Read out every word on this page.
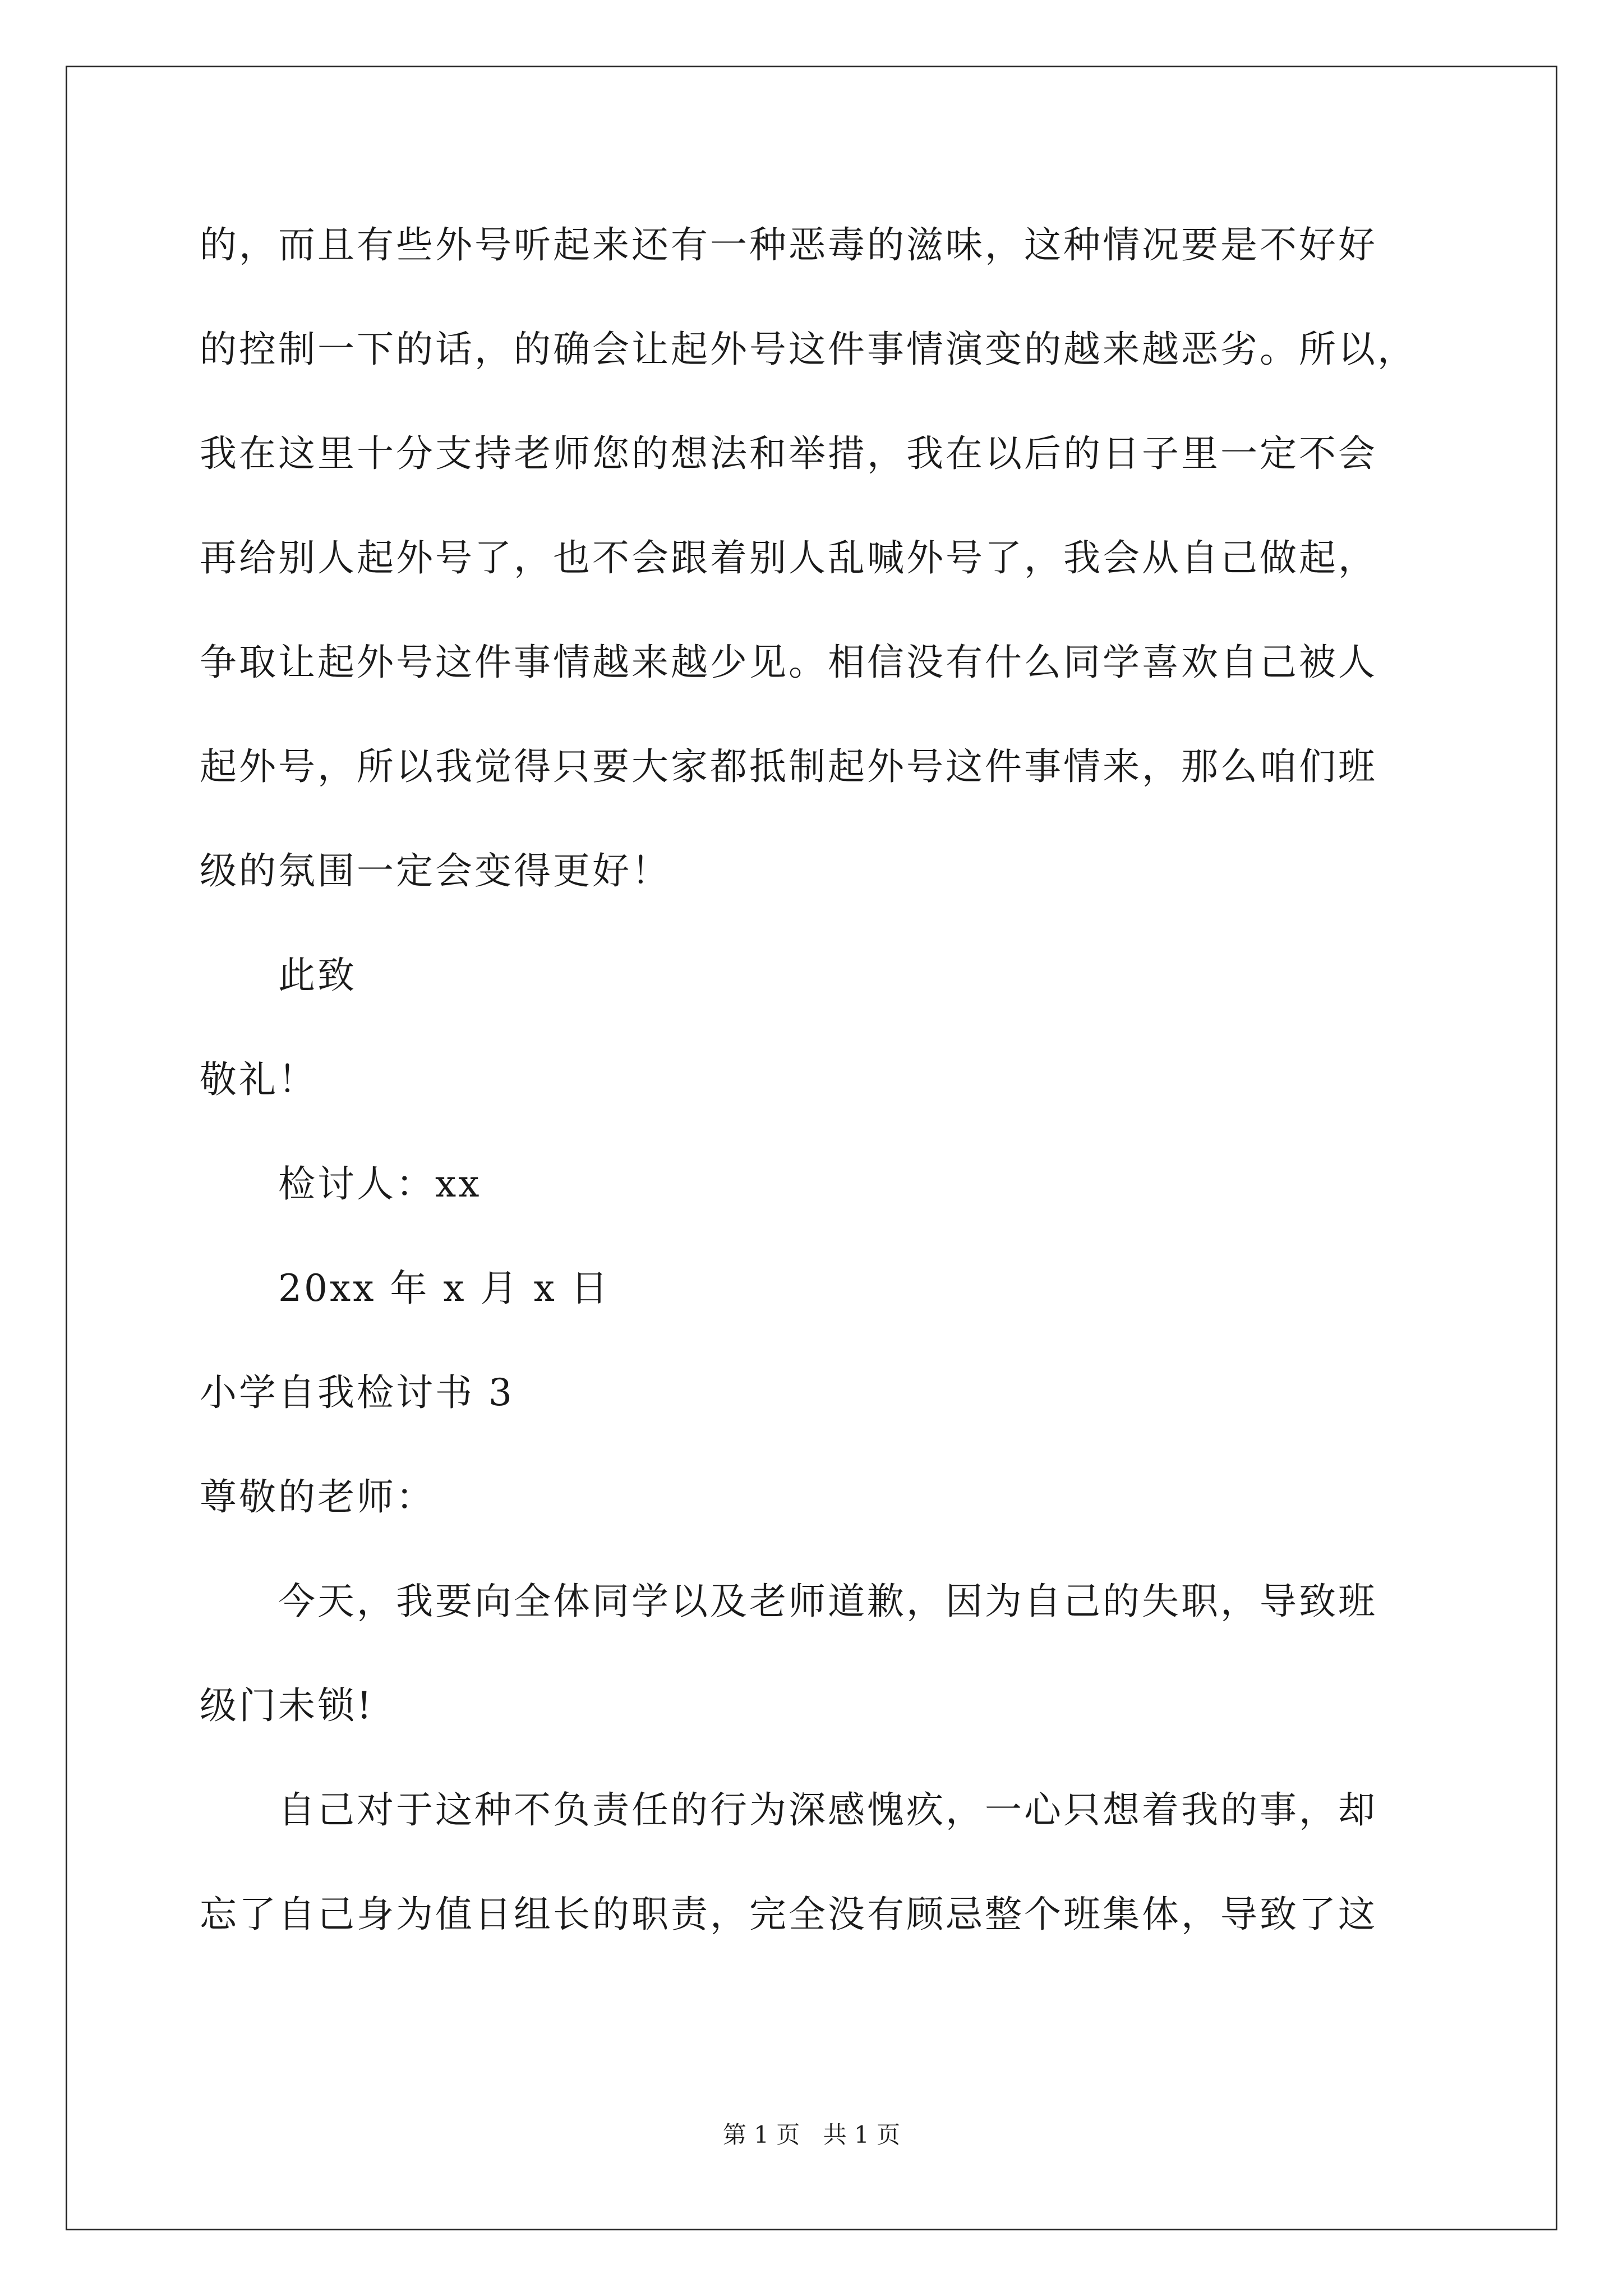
的，而且有些外号听起来还有一种恶毒的滋味，这种情况要是不好好
的控制一下的话，的确会让起外号这件事情演变的越来越恶劣。所以，
我在这里十分支持老师您的想法和举措，我在以后的日子里一定不会
再给别人起外号了，也不会跟着别人乱喊外号了，我会从自己做起，
争取让起外号这件事情越来越少见。相信没有什么同学喜欢自己被人
起外号，所以我觉得只要大家都抵制起外号这件事情来，那么咱们班
级的氛围一定会变得更好！
此致
敬礼！
检讨人：xx
20xx 年 x 月 x 日
小学自我检讨书 3
尊敬的老师：
今天，我要向全体同学以及老师道歉，因为自己的失职，导致班
级门未锁!
自己对于这种不负责任的行为深感愧疚，一心只想着我的事，却
忘了自己身为值日组长的职责，完全没有顾忌整个班集体，导致了这
第 1 页 共 1 页
